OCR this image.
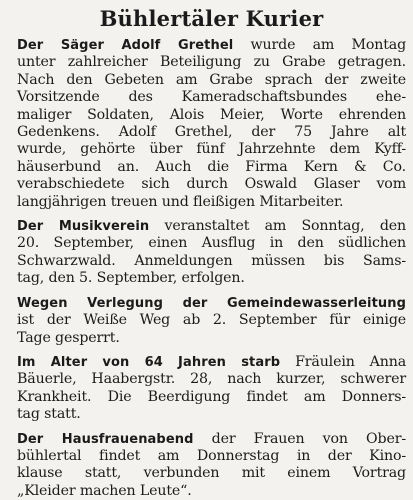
Bühlertäler Kurier
Der Säger Adolf Grethel wurde am Montag
unter zahlreicher Beteiligung zu Grabe getragen.
Nach den Gebeten am Grabe sprach der zweite
Vorsitzende des Kameradschaftsbundes ehe-
maliger Soldaten, Alois Meier, Worte ehrenden
Gedenkens. Adolf Grethel, der 75 Jahre alt
wurde, gehörte über fünf Jahrzehnte dem Kyff-
häuserbund an. Auch die Firma Kern & Co.
verabschiedete sich durch Oswald Glaser vom
langjährigen treuen und fleißigen Mitarbeiter.
Der Musikverein veranstaltet am Sonntag, den
20. September, einen Ausflug in den südlichen
Schwarzwald. Anmeldungen müssen bis Sams-
tag, den 5. September, erfolgen.
Wegen Verlegung der Gemeindewasserleitung
ist der Weiße Weg ab 2. September für einige
Tage gesperrt.
Im Alter von 64 Jahren starb Fräulein Anna
Bäuerle, Haabergstr. 28, nach kurzer, schwerer
Krankheit. Die Beerdigung findet am Donners-
tag statt.
Der Hausfrauenabend der Frauen von Ober-
bühlertal findet am Donnerstag in der Kino-
klause statt, verbunden mit einem Vortrag
„Kleider machen Leute“.
